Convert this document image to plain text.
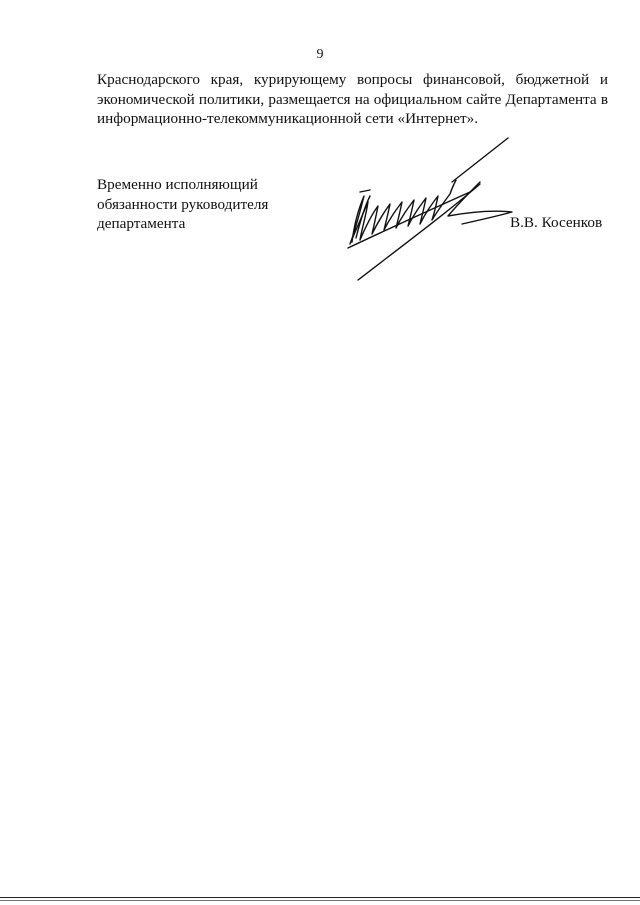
9
Краснодарского края, курирующему вопросы финансовой, бюджетной и
экономической политики, размещается на официальном сайте Департамента в
информационно-телекоммуникационной сети «Интернет».
Временно исполняющий
обязанности руководителя
департамента	В.В. Косенков
